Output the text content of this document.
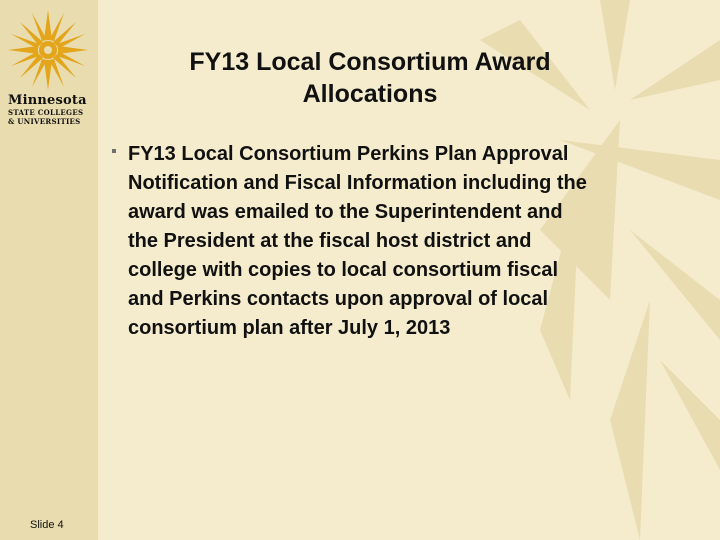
Minnesota
STATE COLLEGES
& UNIVERSITIES
FY13 Local Consortium Award
Allocations
FY13 Local Consortium Perkins Plan Approval Notification and Fiscal Information including the award was emailed to the Superintendent and the President at the fiscal host district and college with copies to local consortium fiscal and Perkins contacts upon approval of local consortium plan after July 1, 2013
Slide 4
